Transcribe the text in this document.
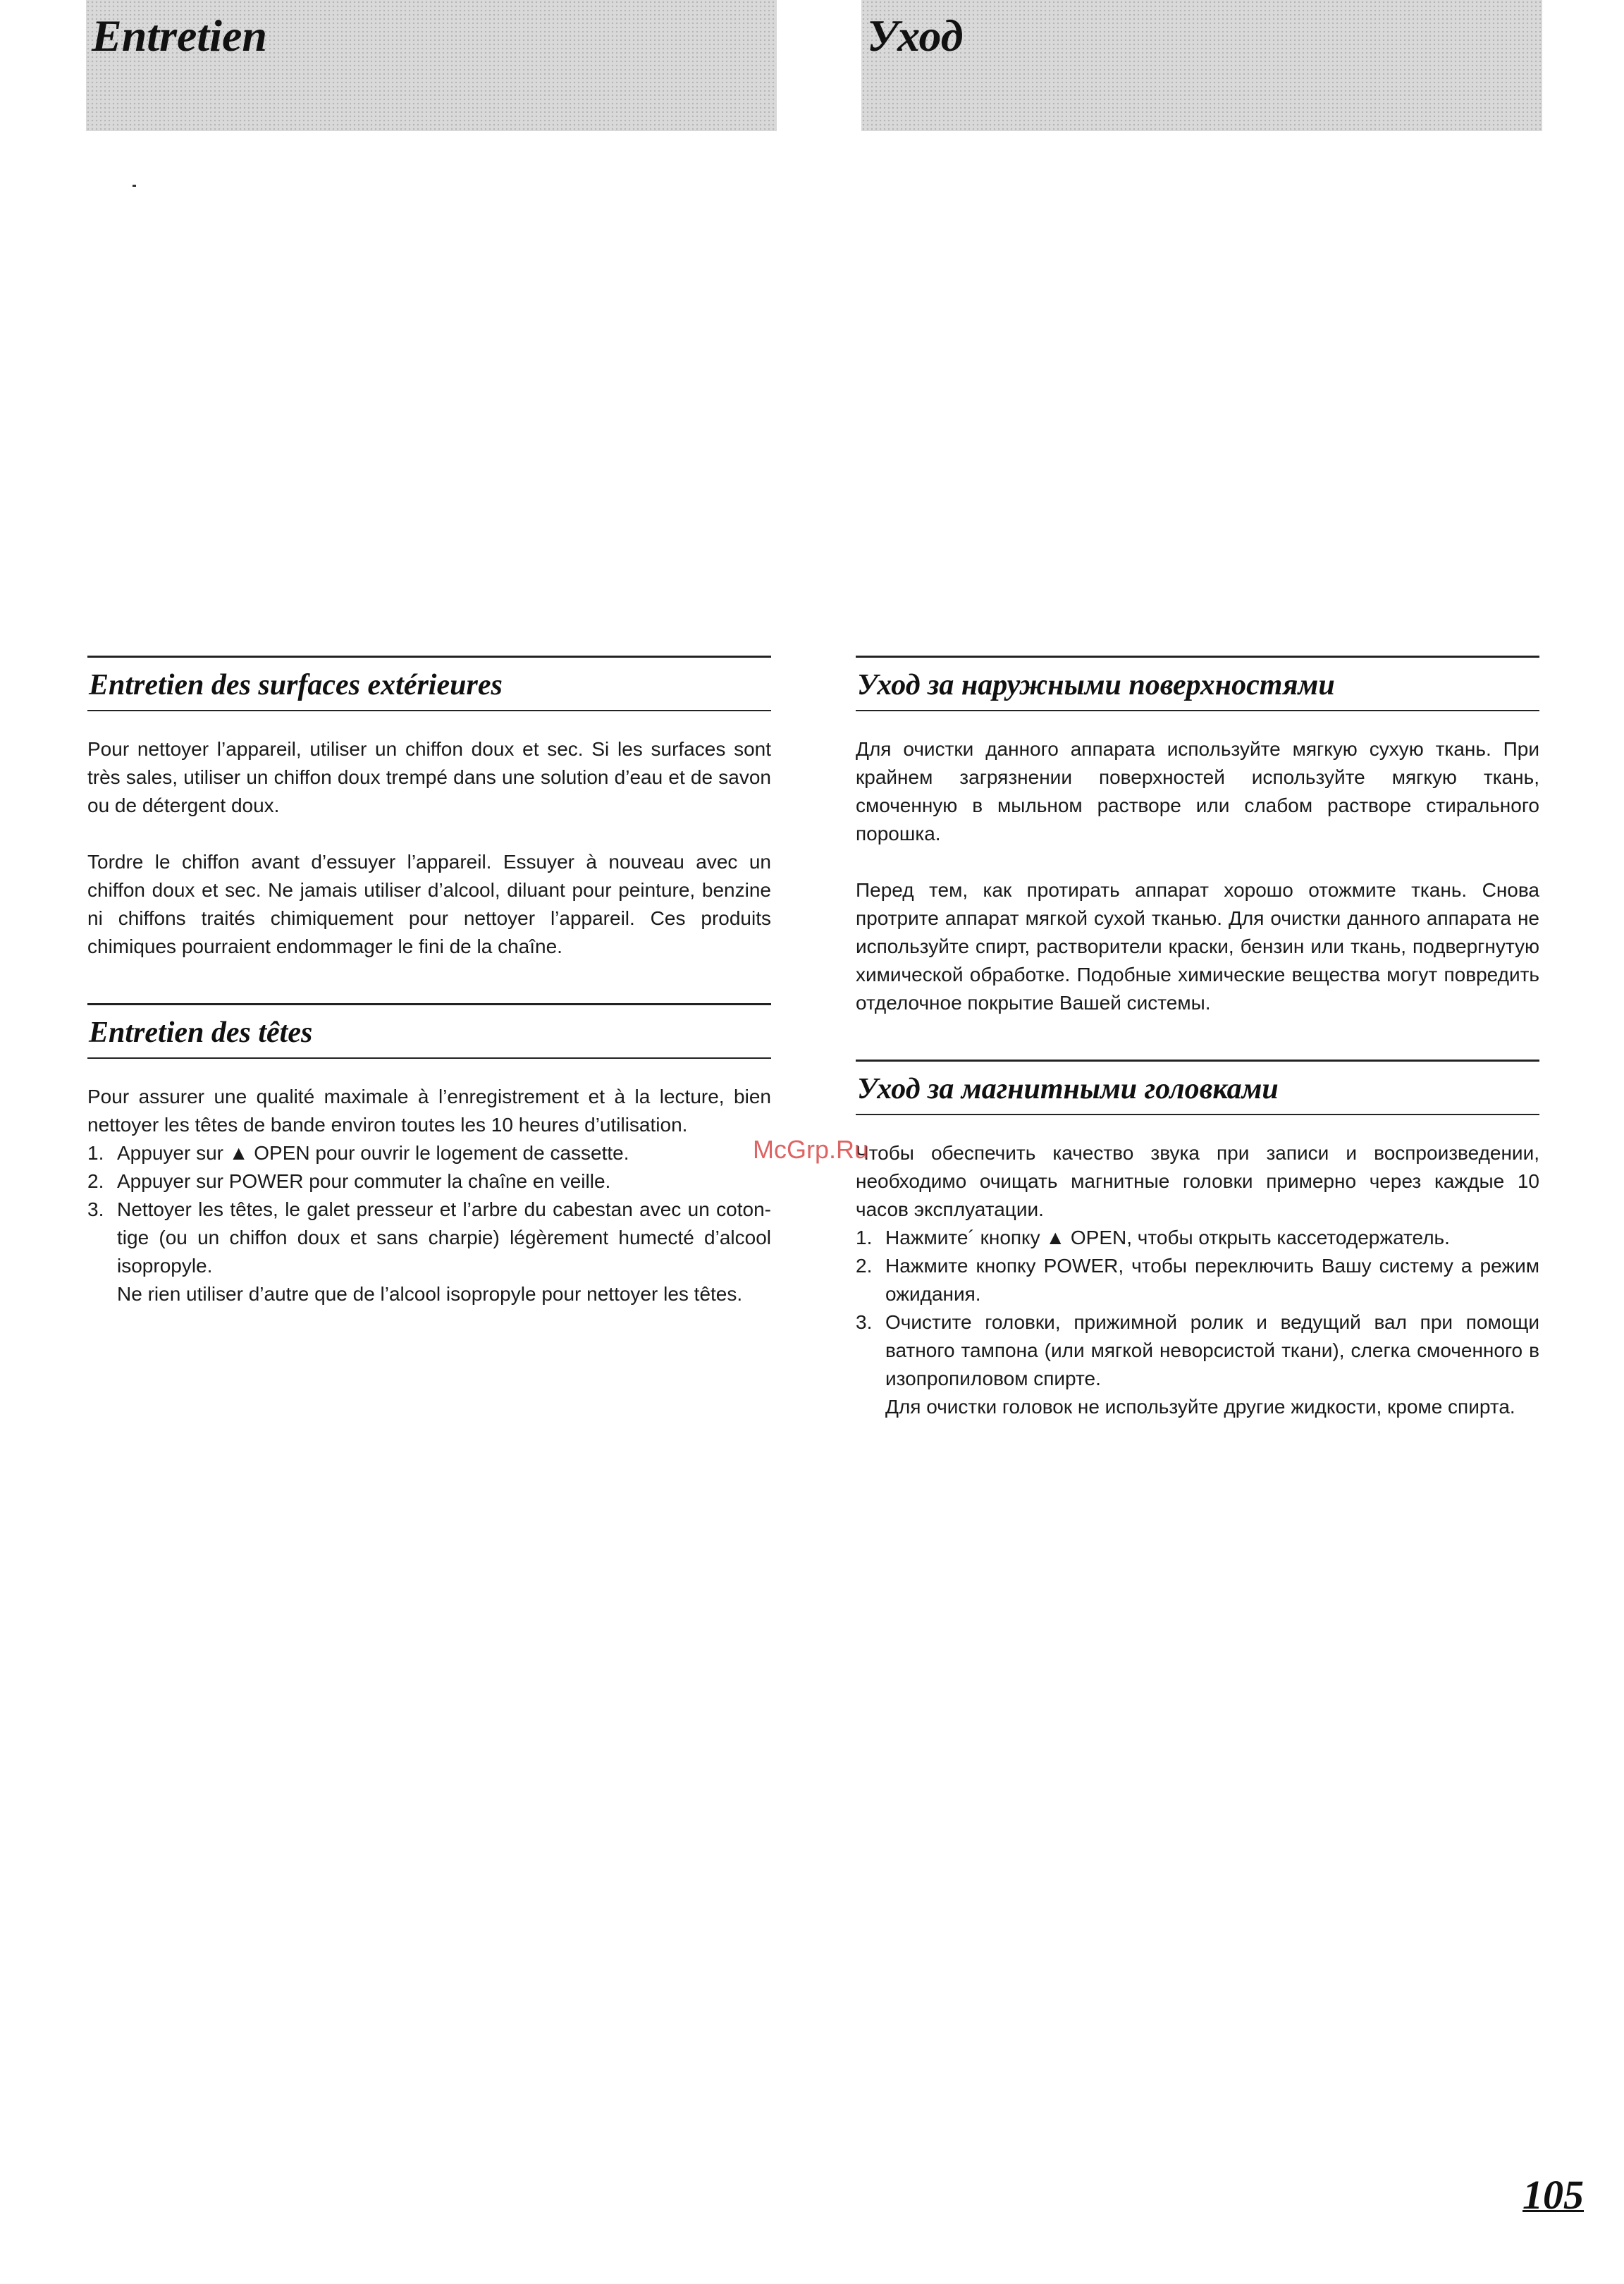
Entretien	Уход
Entretien des surfaces extérieures

Pour nettoyer l’appareil, utiliser un chiffon doux et sec. Si les surfaces sont très sales, utiliser un chiffon doux trempé dans une solution d’eau et de savon ou de détergent doux.

Tordre le chiffon avant d’essuyer l’appareil. Essuyer à nouveau avec un chiffon doux et sec. Ne jamais utiliser d’alcool, diluant pour peinture, benzine ni chiffons traités chimiquement pour nettoyer l’appareil. Ces produits chimiques pourraient endommager le fini de la chaîne.

Entretien des têtes

Pour assurer une qualité maximale à l’enregistrement et à la lecture, bien nettoyer les têtes de bande environ toutes les 10 heures d’utilisation.

1. Appuyer sur ▲ OPEN pour ouvrir le logement de cassette.
2. Appuyer sur POWER pour commuter la chaîne en veille.
3. Nettoyer les têtes, le galet presseur et l’arbre du cabestan avec un coton-tige (ou un chiffon doux et sans charpie) légèrement humecté d’alcool isopropyle.
Ne rien utiliser d’autre que de l’alcool isopropyle pour nettoyer les têtes.
Уход за наружными поверхностями

Для очистки данного аппарата используйте мягкую сухую ткань. При крайнем загрязнении поверхностей используйте мягкую ткань, смоченную в мыльном растворе или слабом растворе стирального порошка.

Перед тем, как протирать аппарат хорошо отожмите ткань. Снова протрите аппарат мягкой сухой тканью. Для очистки данного аппарата не используйте спирт, растворители краски, бензин или ткань, подвергнутую химической обработке. Подобные химические вещества могут повредить отделочное покрытие Вашей системы.

Уход за магнитными головками

Чтобы обеспечить качество звука при записи и воспроизведении, необходимо очищать магнитные головки примерно через каждые 10 часов эксплуатации.

1. Нажмите´ кнопку ▲ OPEN, чтобы открыть кассетодержатель.
2. Нажмите кнопку POWER, чтобы переключить Вашу систему а режим ожидания.
3. Очистите головки, прижимной ролик и ведущий вал при помощи ватного тампона (или мягкой неворсистой ткани), слегка смоченного в изопропиловом спирте.
Для очистки головок не используйте другие жидкости, кроме спирта.
McGrp.Ru
105
